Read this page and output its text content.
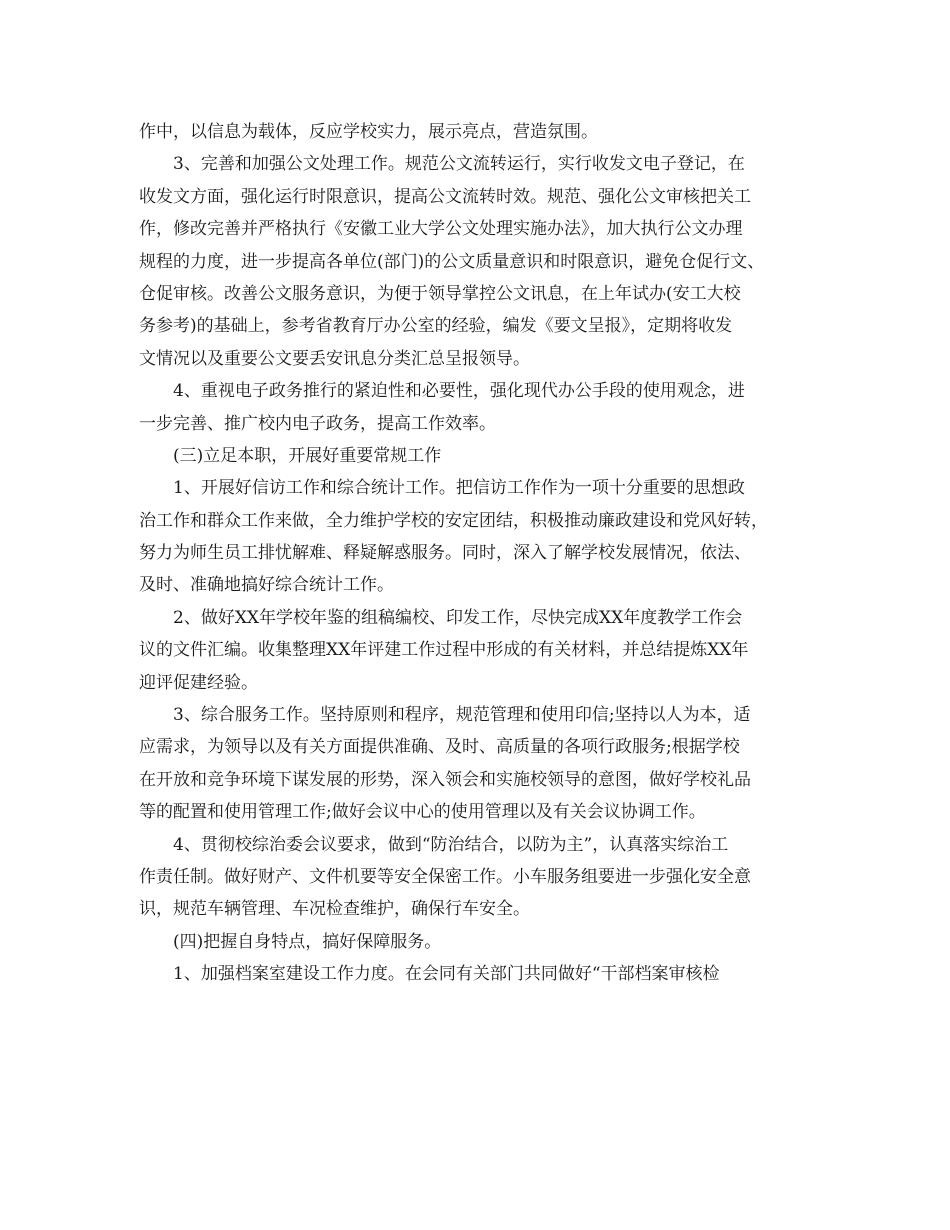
作中，以信息为载体，反应学校实力，展示亮点，营造氛围。
3、完善和加强公文处理工作。规范公文流转运行，实行收发文电子登记，在
收发文方面，强化运行时限意识，提高公文流转时效。规范、强化公文审核把关工
作，修改完善并严格执行《安徽工业大学公文处理实施办法》，加大执行公文办理
规程的力度，进一步提高各单位(部门)的公文质量意识和时限意识，避免仓促行文、
仓促审核。改善公文服务意识，为便于领导掌控公文讯息，在上年试办(安工大校
务参考)的基础上，参考省教育厅办公室的经验，编发《要文呈报》，定期将收发
文情况以及重要公文要丢安讯息分类汇总呈报领导。
4、重视电子政务推行的紧迫性和必要性，强化现代办公手段的使用观念，进
一步完善、推广校内电子政务，提高工作效率。
(三)立足本职，开展好重要常规工作
1、开展好信访工作和综合统计工作。把信访工作作为一项十分重要的思想政
治工作和群众工作来做，全力维护学校的安定团结，积极推动廉政建设和党风好转，
努力为师生员工排忧解难、释疑解惑服务。同时，深入了解学校发展情况，依法、
及时、准确地搞好综合统计工作。
2、做好XX年学校年鉴的组稿编校、印发工作，尽快完成XX年度教学工作会
议的文件汇编。收集整理XX年评建工作过程中形成的有关材料，并总结提炼XX年
迎评促建经验。
3、综合服务工作。坚持原则和程序，规范管理和使用印信;坚持以人为本，适
应需求，为领导以及有关方面提供准确、及时、高质量的各项行政服务;根据学校
在开放和竞争环境下谋发展的形势，深入领会和实施校领导的意图，做好学校礼品
等的配置和使用管理工作;做好会议中心的使用管理以及有关会议协调工作。
4、贯彻校综治委会议要求，做到“防治结合，以防为主”，认真落实综治工
作责任制。做好财产、文件机要等安全保密工作。小车服务组要进一步强化安全意
识，规范车辆管理、车况检查维护，确保行车安全。
(四)把握自身特点，搞好保障服务。
1、加强档案室建设工作力度。在会同有关部门共同做好“干部档案审核检
